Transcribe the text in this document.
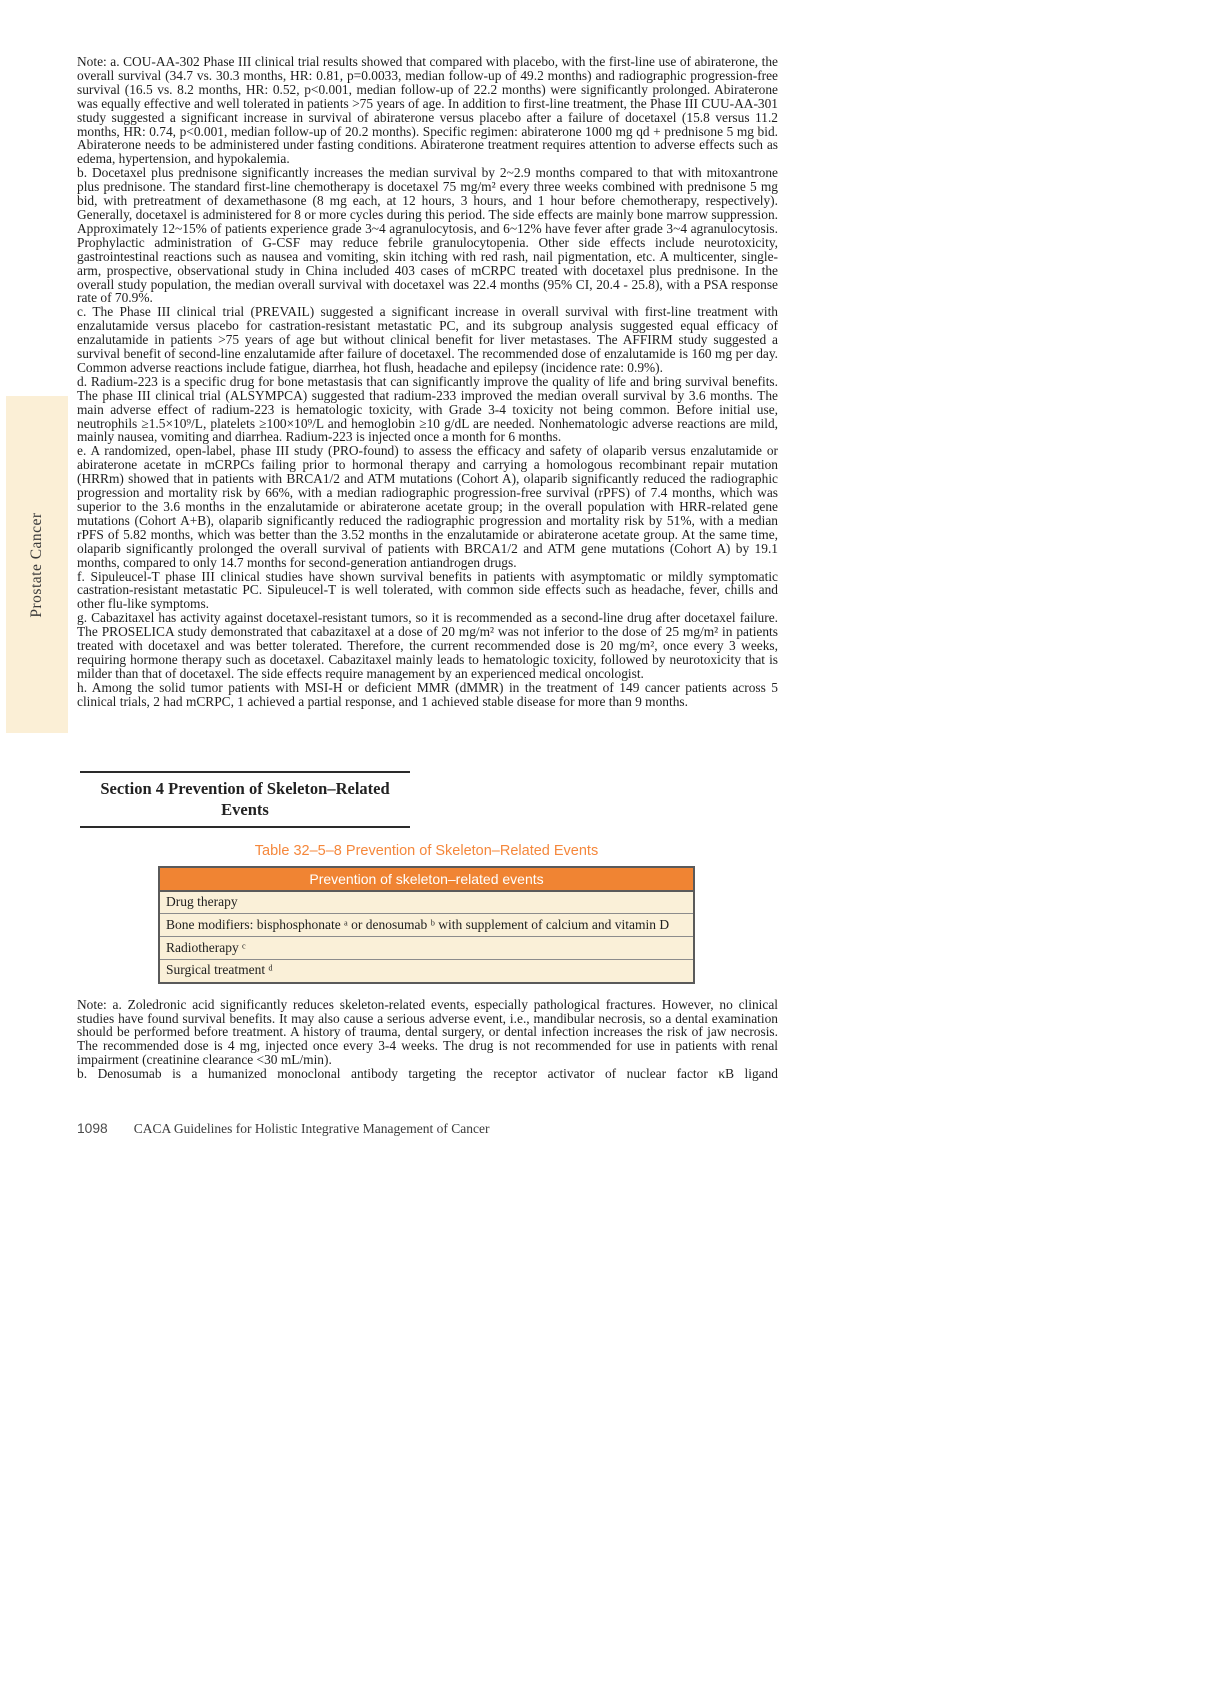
Prostate Cancer

Note: a. COU-AA-302 Phase III clinical trial results showed that compared with placebo, with the first-line use of abiraterone, the overall survival (34.7 vs. 30.3 months, HR: 0.81, p=0.0033, median follow-up of 49.2 months) and radiographic progression-free survival (16.5 vs. 8.2 months, HR: 0.52, p<0.001, median follow-up of 22.2 months) were significantly prolonged. Abiraterone was equally effective and well tolerated in patients >75 years of age. In addition to first-line treatment, the Phase III CUU-AA-301 study suggested a significant increase in survival of abiraterone versus placebo after a failure of docetaxel (15.8 versus 11.2 months, HR: 0.74, p<0.001, median follow-up of 20.2 months). Specific regimen: abiraterone 1000 mg qd + prednisone 5 mg bid. Abiraterone needs to be administered under fasting conditions. Abiraterone treatment requires attention to adverse effects such as edema, hypertension, and hypokalemia.

b. Docetaxel plus prednisone significantly increases the median survival by 2~2.9 months compared to that with mitoxantrone plus prednisone. The standard first-line chemotherapy is docetaxel 75 mg/m² every three weeks combined with prednisone 5 mg bid, with pretreatment of dexamethasone (8 mg each, at 12 hours, 3 hours, and 1 hour before chemotherapy, respectively). Generally, docetaxel is administered for 8 or more cycles during this period. The side effects are mainly bone marrow suppression. Approximately 12~15% of patients experience grade 3~4 agranulocytosis, and 6~12% have fever after grade 3~4 agranulocytosis. Prophylactic administration of G-CSF may reduce febrile granulocytopenia. Other side effects include neurotoxicity, gastrointestinal reactions such as nausea and vomiting, skin itching with red rash, nail pigmentation, etc. A multicenter, single-arm, prospective, observational study in China included 403 cases of mCRPC treated with docetaxel plus prednisone. In the overall study population, the median overall survival with docetaxel was 22.4 months (95% CI, 20.4 - 25.8), with a PSA response rate of 70.9%.

c. The Phase III clinical trial (PREVAIL) suggested a significant increase in overall survival with first-line treatment with enzalutamide versus placebo for castration-resistant metastatic PC, and its subgroup analysis suggested equal efficacy of enzalutamide in patients >75 years of age but without clinical benefit for liver metastases. The AFFIRM study suggested a survival benefit of second-line enzalutamide after failure of docetaxel. The recommended dose of enzalutamide is 160 mg per day. Common adverse reactions include fatigue, diarrhea, hot flush, headache and epilepsy (incidence rate: 0.9%).

d. Radium-223 is a specific drug for bone metastasis that can significantly improve the quality of life and bring survival benefits. The phase III clinical trial (ALSYMPCA) suggested that radium-233 improved the median overall survival by 3.6 months. The main adverse effect of radium-223 is hematologic toxicity, with Grade 3-4 toxicity not being common. Before initial use, neutrophils ≥1.5×10⁹/L, platelets ≥100×10⁹/L and hemoglobin ≥10 g/dL are needed. Nonhematologic adverse reactions are mild, mainly nausea, vomiting and diarrhea. Radium-223 is injected once a month for 6 months.

e. A randomized, open-label, phase III study (PRO-found) to assess the efficacy and safety of olaparib versus enzalutamide or abiraterone acetate in mCRPCs failing prior to hormonal therapy and carrying a homologous recombinant repair mutation (HRRm) showed that in patients with BRCA1/2 and ATM mutations (Cohort A), olaparib significantly reduced the radiographic progression and mortality risk by 66%, with a median radiographic progression-free survival (rPFS) of 7.4 months, which was superior to the 3.6 months in the enzalutamide or abiraterone acetate group; in the overall population with HRR-related gene mutations (Cohort A+B), olaparib significantly reduced the radiographic progression and mortality risk by 51%, with a median rPFS of 5.82 months, which was better than the 3.52 months in the enzalutamide or abiraterone acetate group. At the same time, olaparib significantly prolonged the overall survival of patients with BRCA1/2 and ATM gene mutations (Cohort A) by 19.1 months, compared to only 14.7 months for second-generation antiandrogen drugs.

f. Sipuleucel-T phase III clinical studies have shown survival benefits in patients with asymptomatic or mildly symptomatic castration-resistant metastatic PC. Sipuleucel-T is well tolerated, with common side effects such as headache, fever, chills and other flu-like symptoms.

g. Cabazitaxel has activity against docetaxel-resistant tumors, so it is recommended as a second-line drug after docetaxel failure. The PROSELICA study demonstrated that cabazitaxel at a dose of 20 mg/m² was not inferior to the dose of 25 mg/m² in patients treated with docetaxel and was better tolerated. Therefore, the current recommended dose is 20 mg/m², once every 3 weeks, requiring hormone therapy such as docetaxel. Cabazitaxel mainly leads to hematologic toxicity, followed by neurotoxicity that is milder than that of docetaxel. The side effects require management by an experienced medical oncologist.

h. Among the solid tumor patients with MSI-H or deficient MMR (dMMR) in the treatment of 149 cancer patients across 5 clinical trials, 2 had mCRPC, 1 achieved a partial response, and 1 achieved stable disease for more than 9 months.

Section 4 Prevention of Skeleton–Related
Events
Table 32–5–8 Prevention of Skeleton–Related Events
Prevention of skeleton–related events
Drug therapy
Bone modifiers: bisphosphonate ᵃ or denosumab ᵇ with supplement of calcium and vitamin D
Radiotherapy ᶜ
Surgical treatment ᵈ

Note: a. Zoledronic acid significantly reduces skeleton-related events, especially pathological fractures. However, no clinical studies have found survival benefits. It may also cause a serious adverse event, i.e., mandibular necrosis, so a dental examination should be performed before treatment. A history of trauma, dental surgery, or dental infection increases the risk of jaw necrosis. The recommended dose is 4 mg, injected once every 3-4 weeks. The drug is not recommended for use in patients with renal impairment (creatinine clearance <30 mL/min).

b. Denosumab is a humanized monoclonal antibody targeting the receptor activator of nuclear factor κB ligand

1098 CACA Guidelines for Holistic Integrative Management of Cancer
